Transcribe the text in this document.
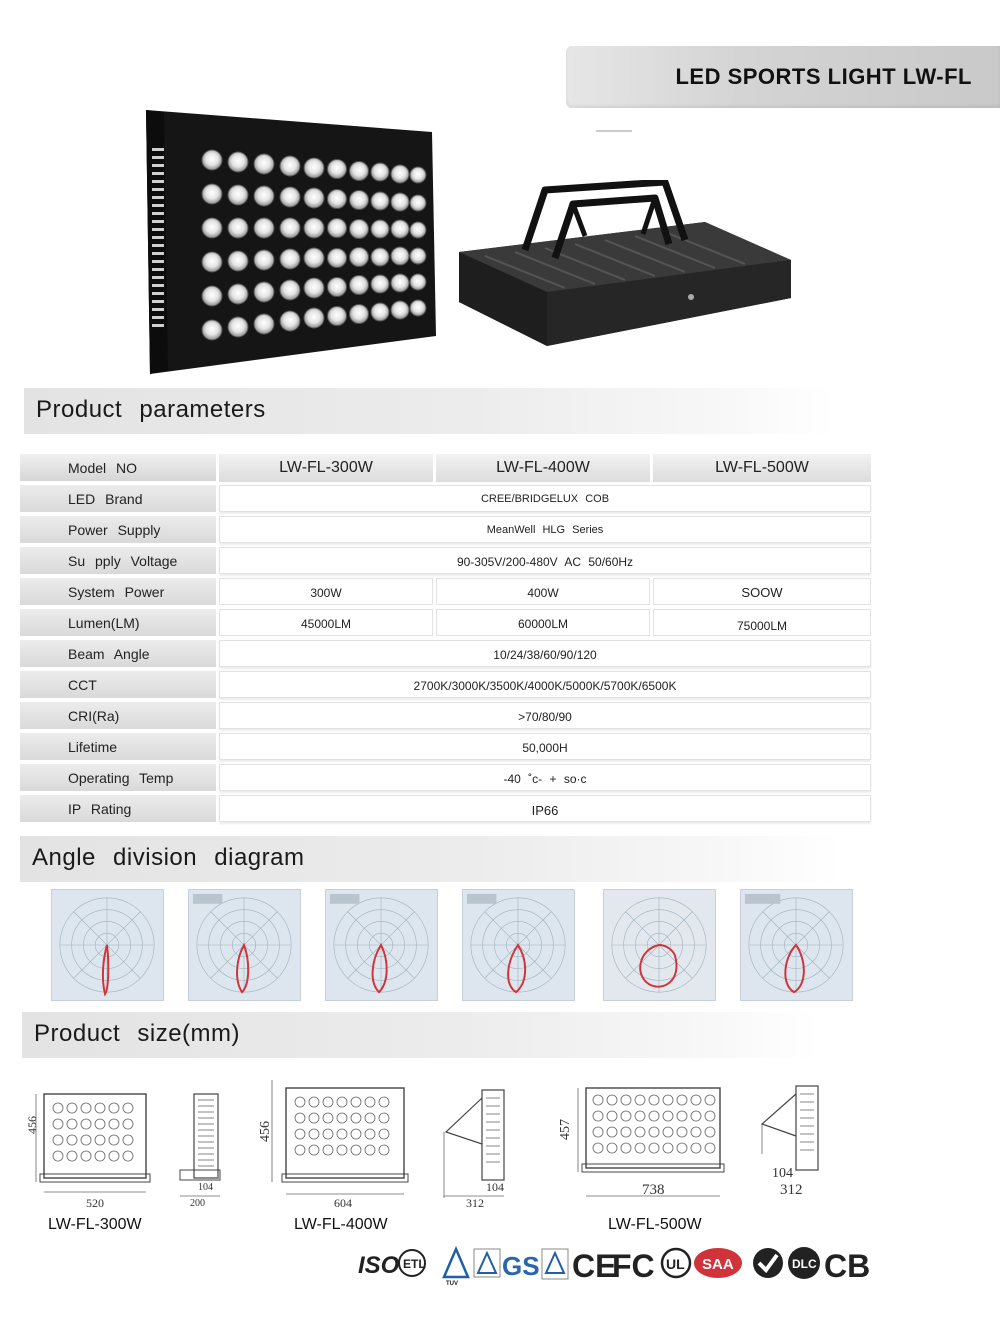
LED SPORTS LIGHT LW-FL
Product parameters
Model NO	LW-FL-300W	LW-FL-400W	LW-FL-500W
LED Brand	CREE/BRIDGELUX COB
Power Supply	MeanWell HLG Series
Su pply Voltage	90-305V/200-480V AC 50/60Hz
System Power	300W	400W	SOOW
Lumen(LM)	45000LM	60000LM	75000LM
Beam Angle	10/24/38/60/90/120
CCT	2700K/3000K/3500K/4000K/5000K/5700K/6500K
CRI(Ra)	>70/80/90
Lifetime	50,000H
Operating Temp	-40 ˚c- + so·c
IP Rating	IP66
Angle division diagram
Product size(mm)
456
520
LW-FL-300W
104
200
456
604
LW-FL-400W
104
312
457
738
LW-FL-500W
104
312
ISO ETL
TUV
GS CE
FC UL SAA	DLC CB
